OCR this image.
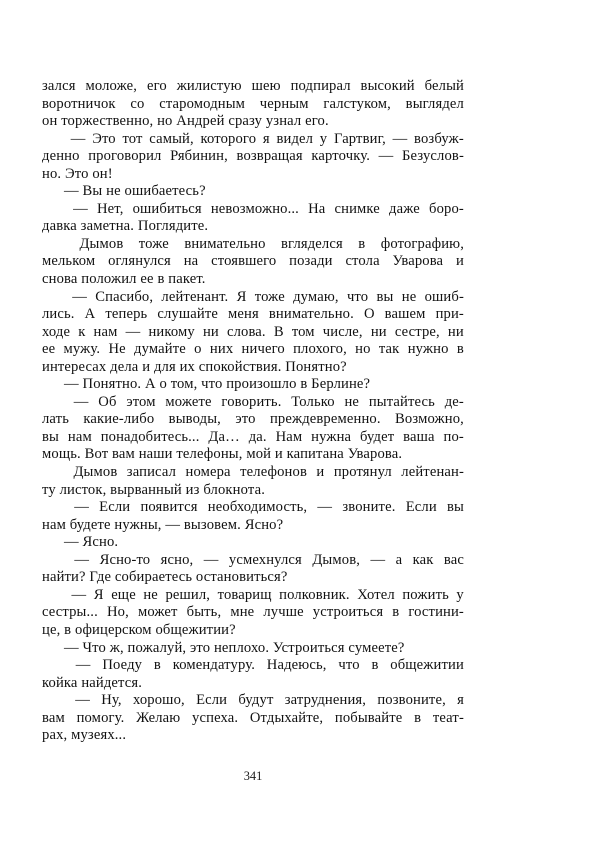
зался моложе, его жилистую шею подпирал высокий белый
воротничок со старомодным черным галстуком, выглядел
он торжественно, но Андрей сразу узнал его.

— Это тот самый, которого я видел у Гартвиг, — возбуж-
денно проговорил Рябинин, возвращая карточку. — Безуслов-
но. Это он!

— Вы не ошибаетесь?

— Нет, ошибиться невозможно... На снимке даже боро-
давка заметна. Поглядите.

Дымов тоже внимательно вгляделся в фотографию,
мельком оглянулся на стоявшего позади стола Уварова и
снова положил ее в пакет.

— Спасибо, лейтенант. Я тоже думаю, что вы не ошиб-
лись. А теперь слушайте меня внимательно. О вашем при-
ходе к нам — никому ни слова. В том числе, ни сестре, ни
ее мужу. Не думайте о них ничего плохого, но так нужно в
интересах дела и для их спокойствия. Понятно?

— Понятно. А о том, что произошло в Берлине?

— Об этом можете говорить. Только не пытайтесь де-
лать какие-либо выводы, это преждевременно. Возможно,
вы нам понадобитесь... Да… да. Нам нужна будет ваша по-
мощь. Вот вам наши телефоны, мой и капитана Уварова.

Дымов записал номера телефонов и протянул лейтенан-
ту листок, вырванный из блокнота.

— Если появится необходимость, — звоните. Если вы
нам будете нужны, — вызовем. Ясно?

— Ясно.

— Ясно-то ясно, — усмехнулся Дымов, — а как вас
найти? Где собираетесь остановиться?

— Я еще не решил, товарищ полковник. Хотел пожить у
сестры... Но, может быть, мне лучше устроиться в гостини-
це, в офицерском общежитии?

— Что ж, пожалуй, это неплохо. Устроиться сумеете?

— Поеду в комендатуру. Надеюсь, что в общежитии
койка найдется.

— Ну, хорошо, Если будут затруднения, позвоните, я
вам помогу. Желаю успеха. Отдыхайте, побывайте в теат-
рах, музеях...

341
